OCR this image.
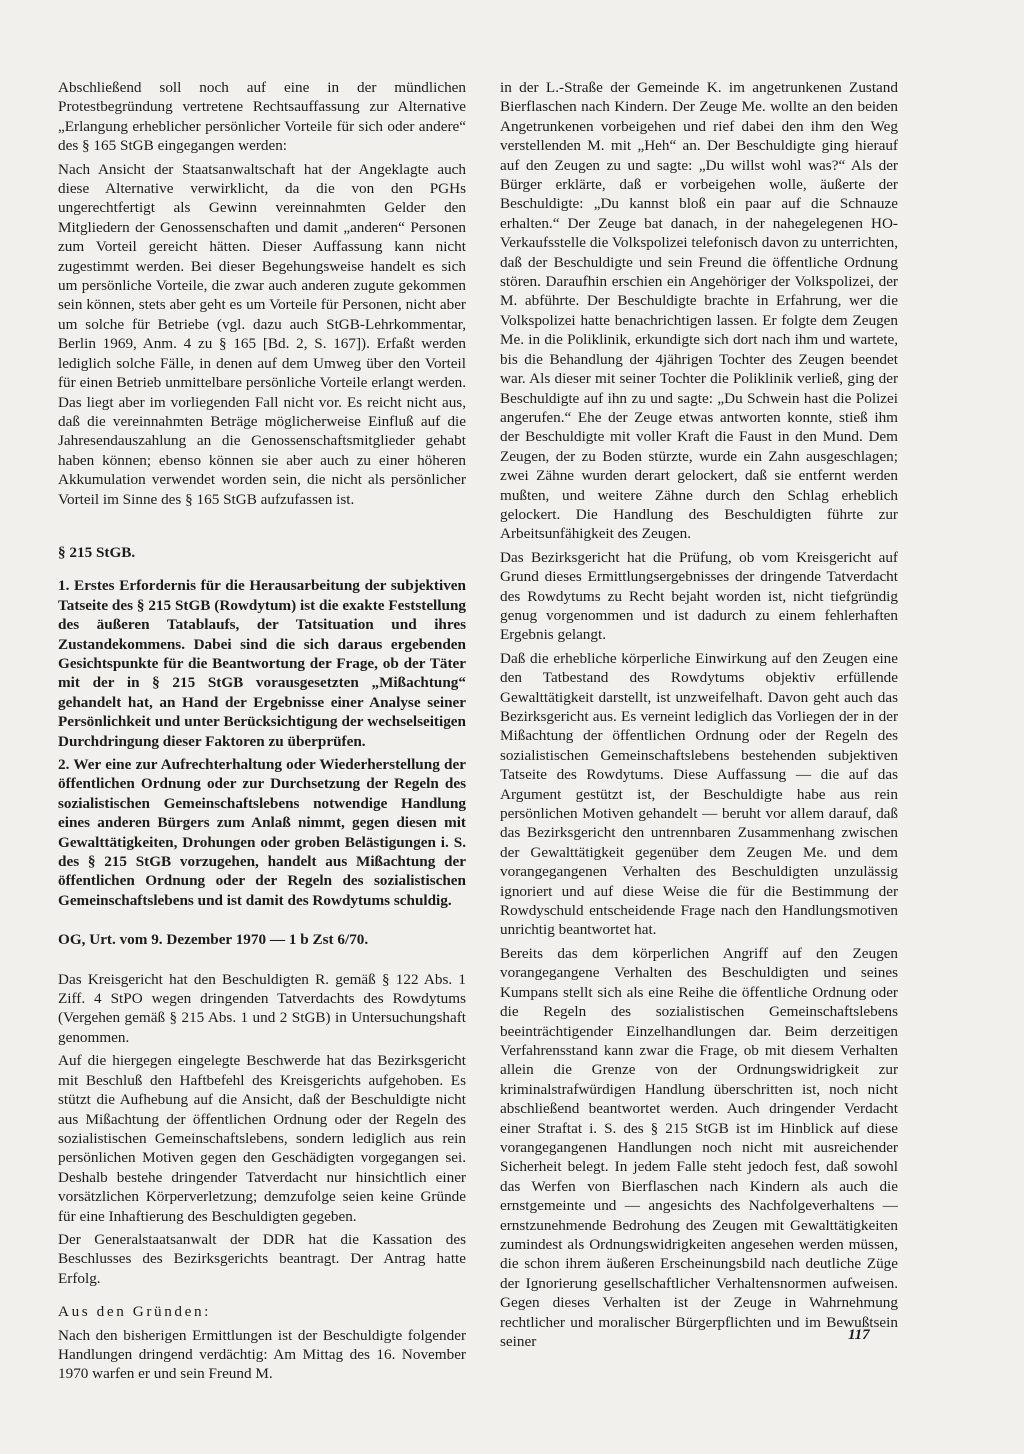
Abschließend soll noch auf eine in der mündlichen Protestbegründung vertretene Rechtsauffassung zur Alternative „Erlangung erheblicher persönlicher Vorteile für sich oder andere“ des § 165 StGB eingegangen werden:

Nach Ansicht der Staatsanwaltschaft hat der Angeklagte auch diese Alternative verwirklicht, da die von den PGHs ungerechtfertigt als Gewinn vereinnahmten Gelder den Mitgliedern der Genossenschaften und damit „anderen“ Personen zum Vorteil gereicht hätten. Dieser Auffassung kann nicht zugestimmt werden. Bei dieser Begehungsweise handelt es sich um persönliche Vorteile, die zwar auch anderen zugute gekommen sein können, stets aber geht es um Vorteile für Personen, nicht aber um solche für Betriebe (vgl. dazu auch StGB-Lehrkommentar, Berlin 1969, Anm. 4 zu § 165 [Bd. 2, S. 167]). Erfaßt werden lediglich solche Fälle, in denen auf dem Umweg über den Vorteil für einen Betrieb unmittelbare persönliche Vorteile erlangt werden. Das liegt aber im vorliegenden Fall nicht vor. Es reicht nicht aus, daß die vereinnahmten Beträge möglicherweise Einfluß auf die Jahresendauszahlung an die Genossenschaftsmitglieder gehabt haben können; ebenso können sie aber auch zu einer höheren Akkumulation verwendet worden sein, die nicht als persönlicher Vorteil im Sinne des § 165 StGB aufzufassen ist.

§ 215 StGB.

1. Erstes Erfordernis für die Herausarbeitung der subjektiven Tatseite des § 215 StGB (Rowdytum) ist die exakte Feststellung des äußeren Tatablaufs, der Tatsituation und ihres Zustandekommens. Dabei sind die sich daraus ergebenden Gesichtspunkte für die Beantwortung der Frage, ob der Täter mit der in § 215 StGB vorausgesetzten „Mißachtung“ gehandelt hat, an Hand der Ergebnisse einer Analyse seiner Persönlichkeit und unter Berücksichtigung der wechselseitigen Durchdringung dieser Faktoren zu überprüfen.

2. Wer eine zur Aufrechterhaltung oder Wiederherstellung der öffentlichen Ordnung oder zur Durchsetzung der Regeln des sozialistischen Gemeinschaftslebens notwendige Handlung eines anderen Bürgers zum Anlaß nimmt, gegen diesen mit Gewalttätigkeiten, Drohungen oder groben Belästigungen i. S. des § 215 StGB vorzugehen, handelt aus Mißachtung der öffentlichen Ordnung oder der Regeln des sozialistischen Gemeinschaftslebens und ist damit des Rowdytums schuldig.

OG, Urt. vom 9. Dezember 1970 — 1 b Zst 6/70.

Das Kreisgericht hat den Beschuldigten R. gemäß § 122 Abs. 1 Ziff. 4 StPO wegen dringenden Tatverdachts des Rowdytums (Vergehen gemäß § 215 Abs. 1 und 2 StGB) in Untersuchungshaft genommen.

Auf die hiergegen eingelegte Beschwerde hat das Bezirksgericht mit Beschluß den Haftbefehl des Kreisgerichts aufgehoben. Es stützt die Aufhebung auf die Ansicht, daß der Beschuldigte nicht aus Mißachtung der öffentlichen Ordnung oder der Regeln des sozialistischen Gemeinschaftslebens, sondern lediglich aus rein persönlichen Motiven gegen den Geschädigten vorgegangen sei. Deshalb bestehe dringender Tatverdacht nur hinsichtlich einer vorsätzlichen Körperverletzung; demzufolge seien keine Gründe für eine Inhaftierung des Beschuldigten gegeben.

Der Generalstaatsanwalt der DDR hat die Kassation des Beschlusses des Bezirksgerichts beantragt. Der Antrag hatte Erfolg.

Aus den Gründen:

Nach den bisherigen Ermittlungen ist der Beschuldigte folgender Handlungen dringend verdächtig: Am Mittag des 16. November 1970 warfen er und sein Freund M.

in der L.-Straße der Gemeinde K. im angetrunkenen Zustand Bierflaschen nach Kindern. Der Zeuge Me. wollte an den beiden Angetrunkenen vorbeigehen und rief dabei den ihm den Weg verstellenden M. mit „Heh“ an. Der Beschuldigte ging hierauf auf den Zeugen zu und sagte: „Du willst wohl was?“ Als der Bürger erklärte, daß er vorbeigehen wolle, äußerte der Beschuldigte: „Du kannst bloß ein paar auf die Schnauze erhalten.“ Der Zeuge bat danach, in der nahegelegenen HO-Verkaufsstelle die Volkspolizei telefonisch davon zu unterrichten, daß der Beschuldigte und sein Freund die öffentliche Ordnung stören. Daraufhin erschien ein Angehöriger der Volkspolizei, der M. abführte. Der Beschuldigte brachte in Erfahrung, wer die Volkspolizei hatte benachrichtigen lassen. Er folgte dem Zeugen Me. in die Poliklinik, erkundigte sich dort nach ihm und wartete, bis die Behandlung der 4jährigen Tochter des Zeugen beendet war. Als dieser mit seiner Tochter die Poliklinik verließ, ging der Beschuldigte auf ihn zu und sagte: „Du Schwein hast die Polizei angerufen.“ Ehe der Zeuge etwas antworten konnte, stieß ihm der Beschuldigte mit voller Kraft die Faust in den Mund. Dem Zeugen, der zu Boden stürzte, wurde ein Zahn ausgeschlagen; zwei Zähne wurden derart gelockert, daß sie entfernt werden mußten, und weitere Zähne durch den Schlag erheblich gelockert. Die Handlung des Beschuldigten führte zur Arbeitsunfähigkeit des Zeugen.

Das Bezirksgericht hat die Prüfung, ob vom Kreisgericht auf Grund dieses Ermittlungsergebnisses der dringende Tatverdacht des Rowdytums zu Recht bejaht worden ist, nicht tiefgründig genug vorgenommen und ist dadurch zu einem fehlerhaften Ergebnis gelangt.

Daß die erhebliche körperliche Einwirkung auf den Zeugen eine den Tatbestand des Rowdytums objektiv erfüllende Gewalttätigkeit darstellt, ist unzweifelhaft. Davon geht auch das Bezirksgericht aus. Es verneint lediglich das Vorliegen der in der Mißachtung der öffentlichen Ordnung oder der Regeln des sozialistischen Gemeinschaftslebens bestehenden subjektiven Tatseite des Rowdytums. Diese Auffassung — die auf das Argument gestützt ist, der Beschuldigte habe aus rein persönlichen Motiven gehandelt — beruht vor allem darauf, daß das Bezirksgericht den untrennbaren Zusammenhang zwischen der Gewalttätigkeit gegenüber dem Zeugen Me. und dem vorangegangenen Verhalten des Beschuldigten unzulässig ignoriert und auf diese Weise die für die Bestimmung der Rowdyschuld entscheidende Frage nach den Handlungsmotiven unrichtig beantwortet hat.

Bereits das dem körperlichen Angriff auf den Zeugen vorangegangene Verhalten des Beschuldigten und seines Kumpans stellt sich als eine Reihe die öffentliche Ordnung oder die Regeln des sozialistischen Gemeinschaftslebens beeinträchtigender Einzelhandlungen dar. Beim derzeitigen Verfahrensstand kann zwar die Frage, ob mit diesem Verhalten allein die Grenze von der Ordnungswidrigkeit zur kriminalstrafwürdigen Handlung überschritten ist, noch nicht abschließend beantwortet werden. Auch dringender Verdacht einer Straftat i. S. des § 215 StGB ist im Hinblick auf diese vorangegangenen Handlungen noch nicht mit ausreichender Sicherheit belegt. In jedem Falle steht jedoch fest, daß sowohl das Werfen von Bierflaschen nach Kindern als auch die ernstgemeinte und — angesichts des Nachfolgeverhaltens — ernstzunehmende Bedrohung des Zeugen mit Gewalttätigkeiten zumindest als Ordnungswidrigkeiten angesehen werden müssen, die schon ihrem äußeren Erscheinungsbild nach deutliche Züge der Ignorierung gesellschaftlicher Verhaltensnormen aufweisen. Gegen dieses Verhalten ist der Zeuge in Wahrnehmung rechtlicher und moralischer Bürgerpflichten und im Bewußtsein seiner	117
